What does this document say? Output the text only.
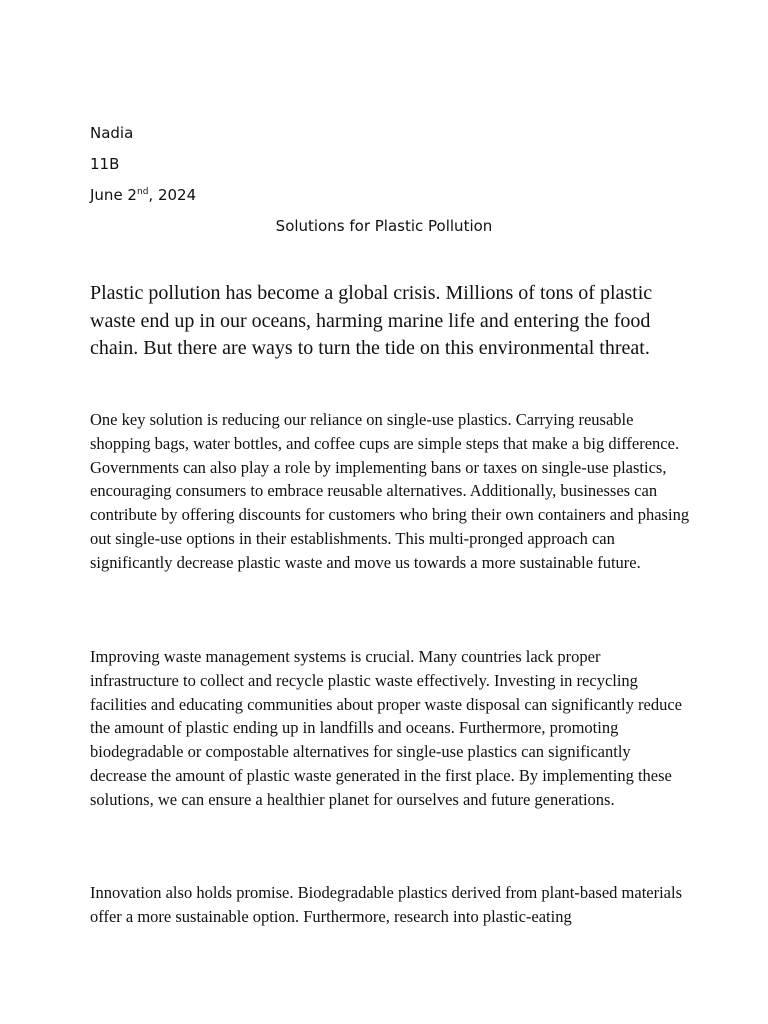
Nadia

11B

June 2nd, 2024

Solutions for Plastic Pollution

Plastic pollution has become a global crisis. Millions of tons of plastic waste end up in our oceans, harming marine life and entering the food chain. But there are ways to turn the tide on this environmental threat.

One key solution is reducing our reliance on single-use plastics. Carrying reusable shopping bags, water bottles, and coffee cups are simple steps that make a big difference. Governments can also play a role by implementing bans or taxes on single-use plastics, encouraging consumers to embrace reusable alternatives. Additionally, businesses can contribute by offering discounts for customers who bring their own containers and phasing out single-use options in their establishments. This multi-pronged approach can significantly decrease plastic waste and move us towards a more sustainable future.

Improving waste management systems is crucial. Many countries lack proper infrastructure to collect and recycle plastic waste effectively. Investing in recycling facilities and educating communities about proper waste disposal can significantly reduce the amount of plastic ending up in landfills and oceans. Furthermore, promoting biodegradable or compostable alternatives for single-use plastics can significantly decrease the amount of plastic waste generated in the first place. By implementing these solutions, we can ensure a healthier planet for ourselves and future generations.

Innovation also holds promise. Biodegradable plastics derived from plant-based materials offer a more sustainable option. Furthermore, research into plastic-eating
